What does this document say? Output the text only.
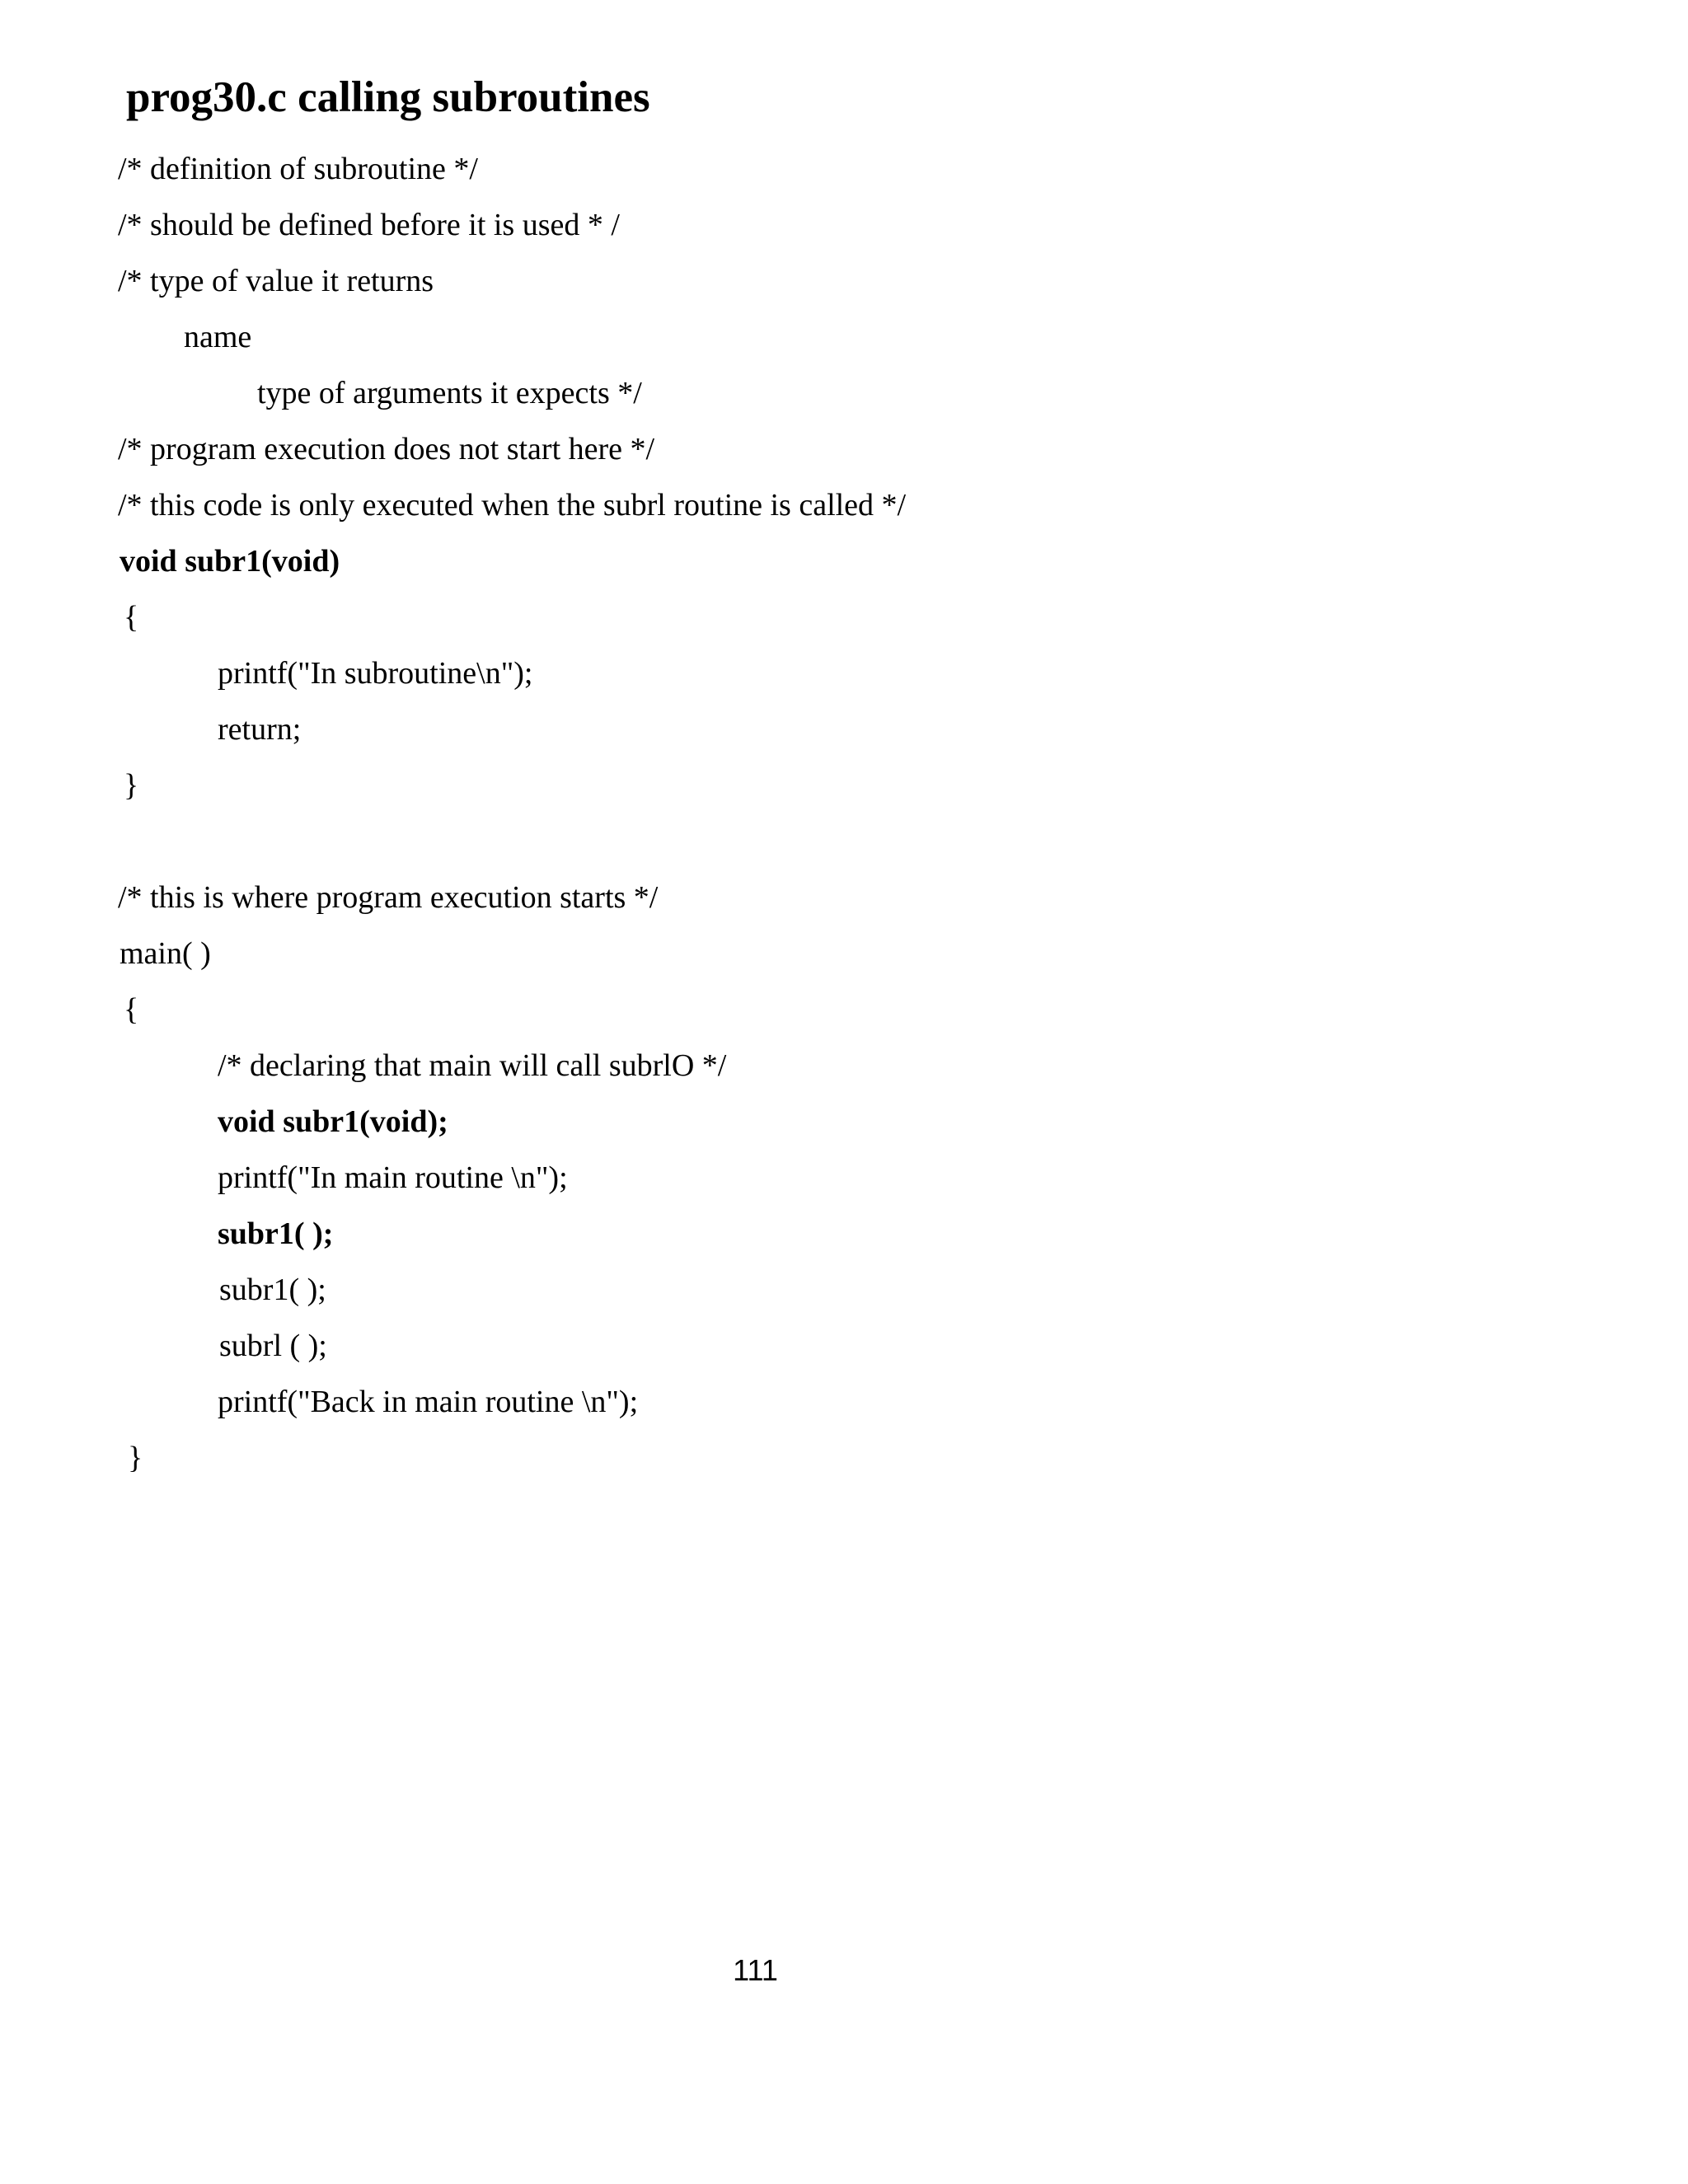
prog30.c calling subroutines
/* definition of subroutine */
/* should be defined before it is used * /
/* type of value it returns
name
type of arguments it expects */
/* program execution does not start here */
/* this code is only executed when the subrl routine is called */
void subr1(void)
{
printf("In subroutine\n");
return;
}
/* this is where program execution starts */
main( )
{
/* declaring that main will call subrlO */
void subr1(void);
printf("In main routine \n");
subr1( );
subr1( );
subrl ( );
printf("Back in main routine \n");
}
111
